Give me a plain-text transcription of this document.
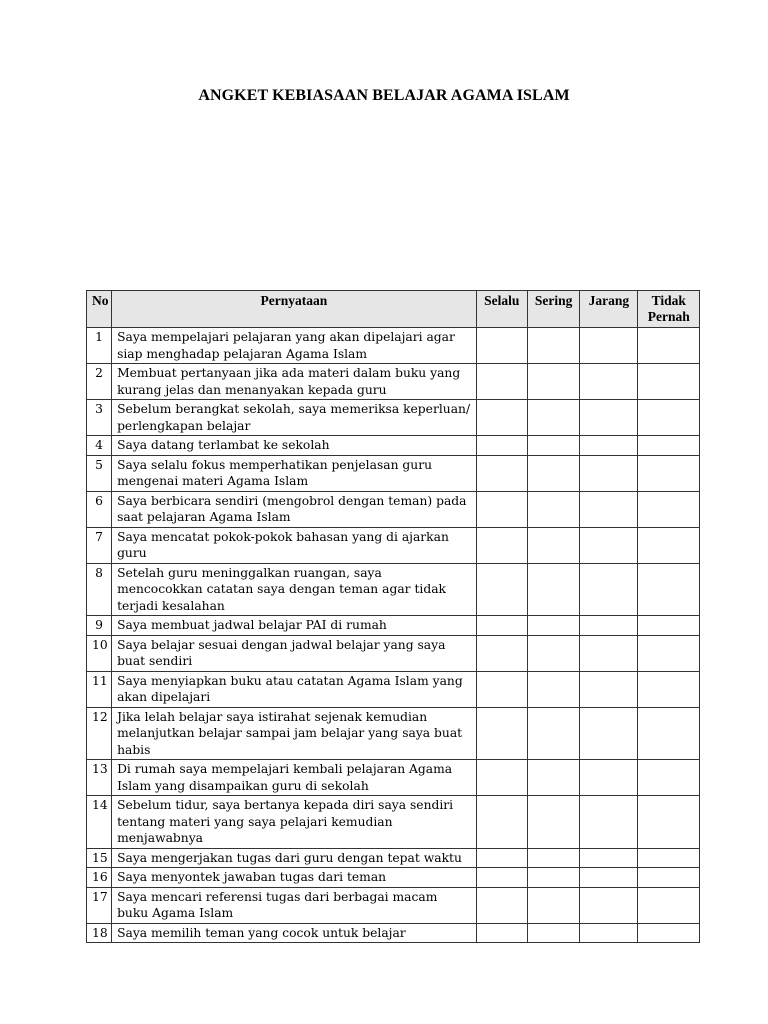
ANGKET KEBIASAAN BELAJAR AGAMA ISLAM
No	Pernyataan	Selalu	Sering	Jarang	Tidak Pernah
1	Saya mempelajari pelajaran yang akan dipelajari agar siap menghadap pelajaran Agama Islam				
2	Membuat pertanyaan jika ada materi dalam buku yang kurang jelas dan menanyakan kepada guru				
3	Sebelum berangkat sekolah, saya memeriksa keperluan/ perlengkapan belajar				
4	Saya datang terlambat ke sekolah				
5	Saya selalu fokus memperhatikan penjelasan guru mengenai materi Agama Islam				
6	Saya berbicara sendiri (mengobrol dengan teman) pada saat pelajaran Agama Islam				
7	Saya mencatat pokok-pokok bahasan yang di ajarkan guru				
8	Setelah guru meninggalkan ruangan, saya mencocokkan catatan saya dengan teman agar tidak terjadi kesalahan				
9	Saya membuat jadwal belajar PAI di rumah				
10	Saya belajar sesuai dengan jadwal belajar yang saya buat sendiri				
11	Saya menyiapkan buku atau catatan Agama Islam yang akan dipelajari				
12	Jika lelah belajar saya istirahat sejenak kemudian melanjutkan belajar sampai jam belajar yang saya buat habis				
13	Di rumah saya mempelajari kembali pelajaran Agama Islam yang disampaikan guru di sekolah				
14	Sebelum tidur, saya bertanya kepada diri saya sendiri tentang materi yang saya pelajari kemudian menjawabnya				
15	Saya mengerjakan tugas dari guru dengan tepat waktu				
16	Saya menyontek jawaban tugas dari teman				
17	Saya mencari referensi tugas dari berbagai macam buku Agama Islam				
18	Saya memilih teman yang cocok untuk belajar				
